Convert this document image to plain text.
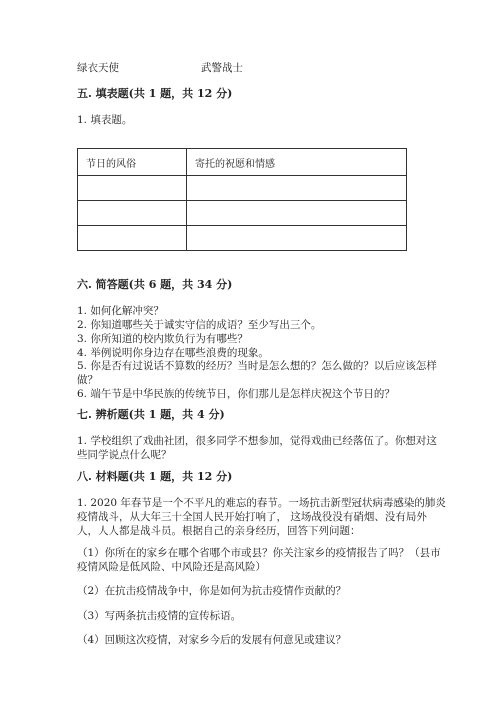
绿衣天使	武警战士
五. 填表题(共 1 题，共 12 分)
1. 填表题。
节日的风俗	寄托的祝愿和情感

六. 简答题(共 6 题，共 34 分)
1. 如何化解冲突？
2. 你知道哪些关于诚实守信的成语？至少写出三个。
3. 你所知道的校内欺负行为有哪些？
4. 举例说明你身边存在哪些浪费的现象。
5. 你是否有过说话不算数的经历？当时是怎么想的？怎么做的？以后应该怎样
做？
6. 端午节是中华民族的传统节日，你们那儿是怎样庆祝这个节日的？
七. 辨析题(共 1 题，共 4 分)
1. 学校组织了戏曲社团，很多同学不想参加，觉得戏曲已经落伍了。你想对这
些同学说点什么呢？
八. 材料题(共 1 题，共 12 分)
1. 2020 年春节是一个不平凡的难忘的春节。一场抗击新型冠状病毒感染的肺炎
疫情战斗，从大年三十全国人民开始打响了， 这场战役没有硝烟、没有局外
人，人人都是战斗员。根据自己的亲身经历，回答下列问题：
（1）你所在的家乡在哪个省哪个市或县？你关注家乡的疫情报告了吗？（县市
疫情风险是低风险、中风险还是高风险）
（2）在抗击疫情战争中，你是如何为抗击疫情作贡献的？
（3）写两条抗击疫情的宣传标语。
（4）回顾这次疫情，对家乡今后的发展有何意见或建议？
